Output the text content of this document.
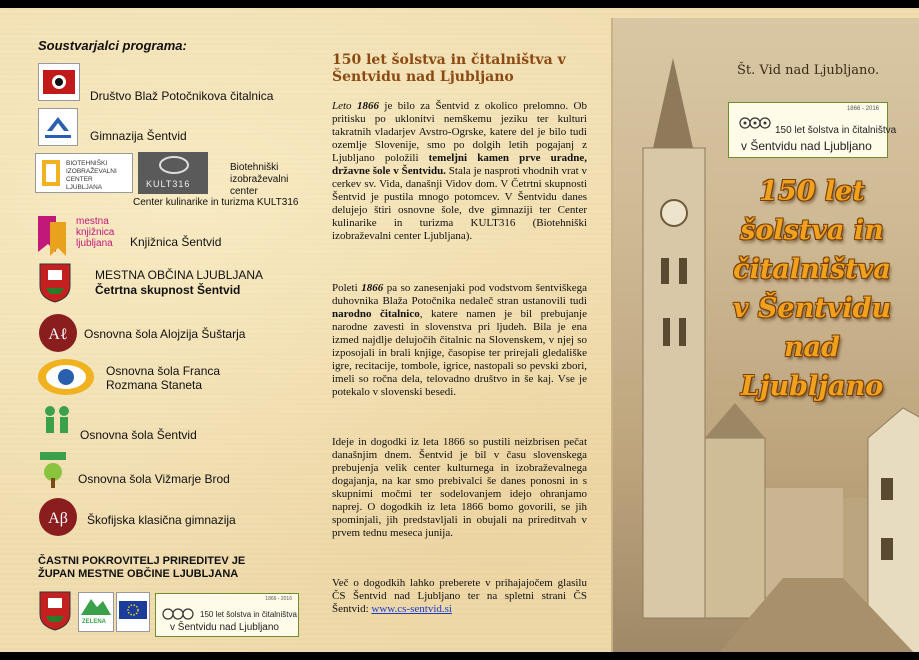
Soustvarjalci programa:
Društvo Blaž Potočnikova čitalnica
Gimnazija Šentvid
BIOTEHNIŠKI IZOBRAŽEVALNI CENTER LJUBLJANA	KULT316
Biotehniški izobraževalni center
Center kulinarike in turizma KULT316
mestna knjižnica ljubljana	Knjižnica Šentvid
MESTNA OBČINA LJUBLJANA
Četrtna skupnost Šentvid
Aℓ Osnovna šola Alojzija Šuštarja
Osnovna šola Franca Rozmana Staneta
Osnovna šola Šentvid
Osnovna šola Vižmarje Brod
Aβ Škofijska klasična gimnazija
ČASTNI POKROVITELJ PRIREDITEV JE ŽUPAN MESTNE OBČINE LJUBLJANA
ZELENA
1866 - 2016
150 let šolstva in čitalništva
v Šentvidu nad Ljubljano
150 let šolstva in čitalništva v Šentvidu nad Ljubljano

Leto 1866 je bilo za Šentvid z okolico prelomno. Ob pritisku po uklonitvi nemškemu jeziku ter kulturi takratnih vladarjev Avstro-Ogrske, katere del je bilo tudi ozemlje Slovenije, smo po dolgih letih pogajanj z Ljubljano položili temeljni kamen prve uradne, državne šole v Šentvidu. Stala je nasproti vhodnih vrat v cerkev sv. Vida, današnji Vidov dom. V Četrtni skupnosti Šentvid je pustila mnogo potomcev. V Šentvidu danes delujejo štiri osnovne šole, dve gimnaziji ter Center kulinarike in turizma KULT316 (Biotehniški izobraževalni center Ljubljana).

Poleti 1866 pa so zanesenjaki pod vodstvom šentviškega duhovnika Blaža Potočnika nedaleč stran ustanovili tudi narodno čitalnico, katere namen je bil prebujanje narodne zavesti in slovenstva pri ljudeh. Bila je ena izmed najdlje delujočih čitalnic na Slovenskem, v njej so izposojali in brali knjige, časopise ter prirejali gledališke igre, recitacije, tombole, igrice, nastopali so pevski zbori, imeli so ročna dela, telovadno društvo in še kaj. Vse je potekalo v slovenski besedi.

Ideje in dogodki iz leta 1866 so pustili neizbrisen pečat današnjim dnem. Šentvid je bil v času slovenskega prebujenja velik center kulturnega in izobraževalnega dogajanja, na kar smo prebivalci še danes ponosni in s skupnimi močmi ter sodelovanjem idejo ohranjamo naprej. O dogodkih iz leta 1866 bomo govorili, se jih spominjali, jih predstavljali in obujali na prireditvah v prvem tednu meseca junija.

Več o dogodkih lahko preberete v prihajajočem glasilu ČS Šentvid nad Ljubljano ter na spletni strani ČS Šentvid: www.cs-sentvid.si

Št. Vid nad Ljubljano.
1866 - 2016
150 let šolstva in čitalništva
v Šentvidu nad Ljubljano
150 let
šolstva in
čitalništva
v Šentvidu
nad
Ljubljano
